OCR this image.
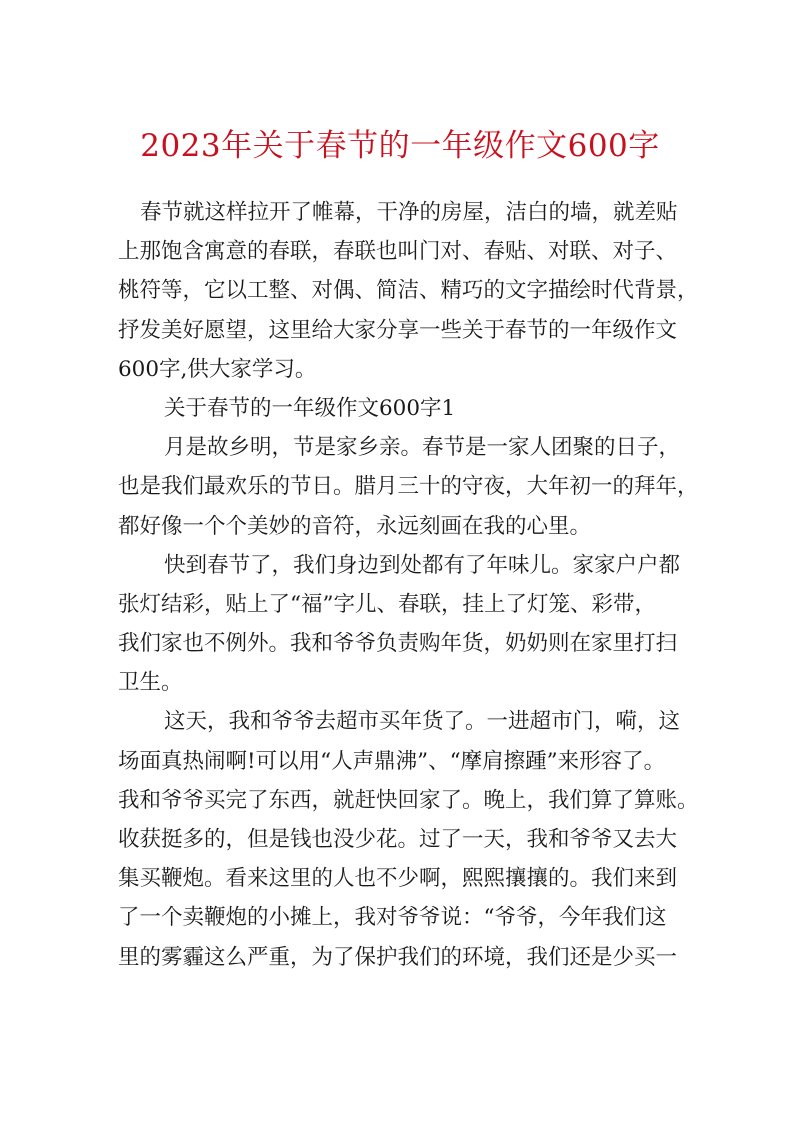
2023年关于春节的一年级作文600字
春节就这样拉开了帷幕，干净的房屋，洁白的墙，就差贴
上那饱含寓意的春联，春联也叫门对、春贴、对联、对子、
桃符等，它以工整、对偶、简洁、精巧的文字描绘时代背景，
抒发美好愿望，这里给大家分享一些关于春节的一年级作文
600字,供大家学习。
关于春节的一年级作文600字1
月是故乡明，节是家乡亲。春节是一家人团聚的日子，
也是我们最欢乐的节日。腊月三十的守夜，大年初一的拜年，
都好像一个个美妙的音符，永远刻画在我的心里。
快到春节了，我们身边到处都有了年味儿。家家户户都
张灯结彩，贴上了“福”字儿、春联，挂上了灯笼、彩带，
我们家也不例外。我和爷爷负责购年货，奶奶则在家里打扫
卫生。
这天，我和爷爷去超市买年货了。一进超市门，嗬，这
场面真热闹啊!可以用“人声鼎沸”、“摩肩擦踵”来形容了。
我和爷爷买完了东西，就赶快回家了。晚上，我们算了算账。
收获挺多的，但是钱也没少花。过了一天，我和爷爷又去大
集买鞭炮。看来这里的人也不少啊，熙熙攘攘的。我们来到
了一个卖鞭炮的小摊上，我对爷爷说：“爷爷，今年我们这
里的雾霾这么严重，为了保护我们的环境，我们还是少买一
